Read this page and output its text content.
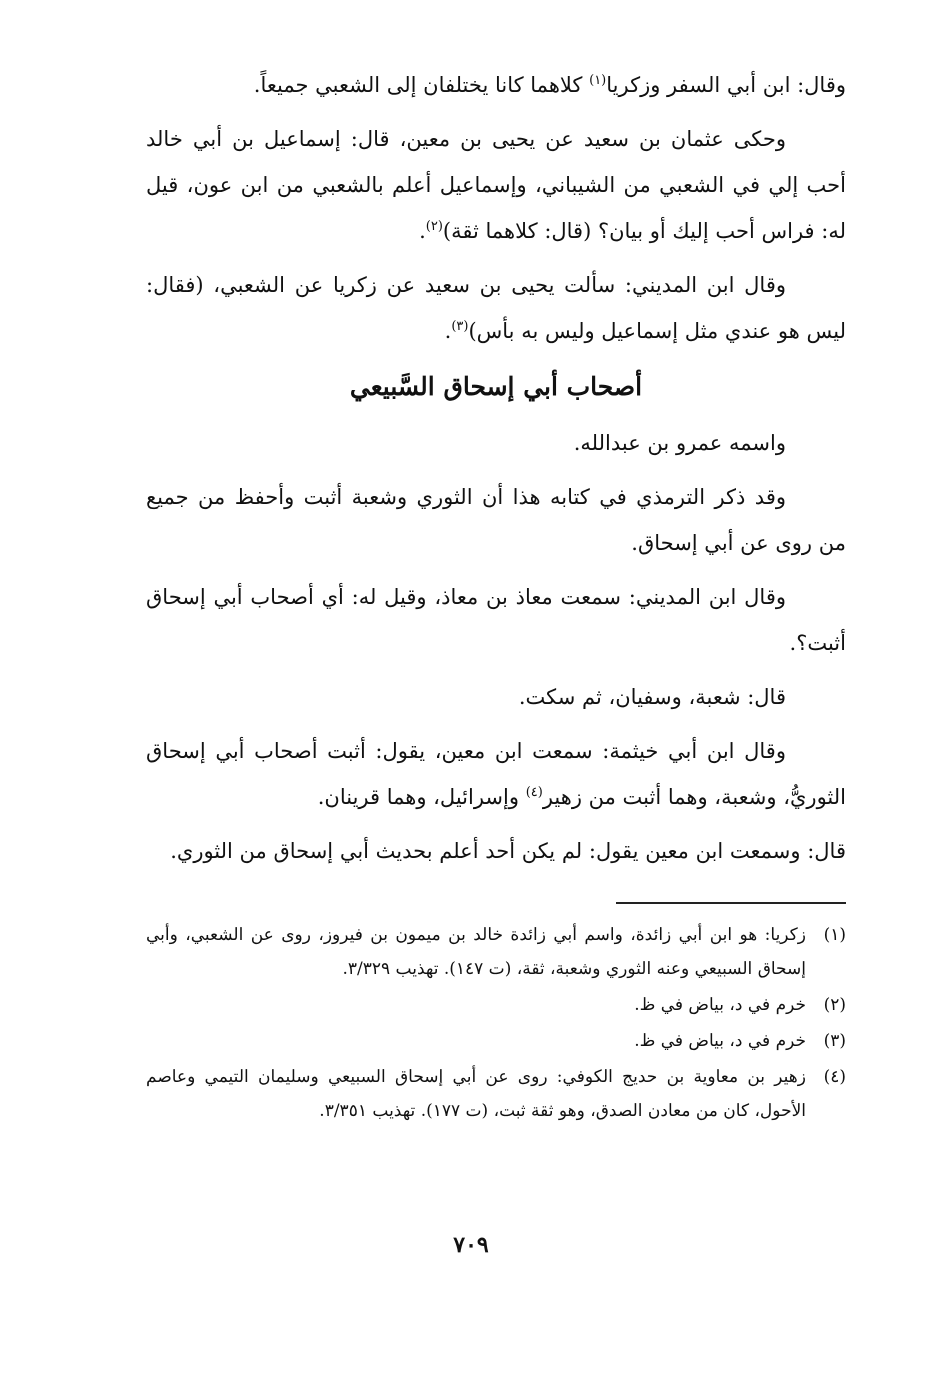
وقال: ابن أبي السفر وزكريا$^{(١)}$ كلاهما كانا يختلفان إلى الشعبي جميعاً.

وحكى عثمان بن سعيد عن يحيى بن معين، قال: إسماعيل بن أبي خالد أحب إلي في الشعبي من الشيباني، وإسماعيل أعلم بالشعبي من ابن عون، قيل له: فراس أحب إليك أو بيان؟ (قال: كلاهما ثقة)$^{(٢)}$.

وقال ابن المديني: سألت يحيى بن سعيد عن زكريا عن الشعبي، (فقال: ليس هو عندي مثل إسماعيل وليس به بأس)$^{(٣)}$.

أصحاب أبي إسحاق السَّبيعي

واسمه عمرو بن عبدالله.

وقد ذكر الترمذي في كتابه هذا أن الثوري وشعبة أثبت وأحفظ من جميع من روى عن أبي إسحاق.

وقال ابن المديني: سمعت معاذ بن معاذ، وقيل له: أي أصحاب أبي إسحاق أثبت؟.

قال: شعبة، وسفيان، ثم سكت.

وقال ابن أبي خيثمة: سمعت ابن معين، يقول: أثبت أصحاب أبي إسحاق الثوريُّ، وشعبة، وهما أثبت من زهير$^{(٤)}$ وإسرائيل، وهما قرينان.

قال: وسمعت ابن معين يقول: لم يكن أحد أعلم بحديث أبي إسحاق من الثوري.

(١)
زكريا: هو ابن أبي زائدة، واسم أبي زائدة خالد بن ميمون بن فيروز، روى عن الشعبي، وأبي إسحاق السبيعي وعنه الثوري وشعبة، ثقة، (ت ١٤٧). تهذيب ٣/٣٢٩.
(٢)
خرم في د، بياض في ظ.
(٣)
خرم في د، بياض في ظ.
(٤)
زهير بن معاوية بن حديج الكوفي: روى عن أبي إسحاق السبيعي وسليمان التيمي وعاصم الأحول، كان من معادن الصدق، وهو ثقة ثبت، (ت ١٧٧). تهذيب ٣/٣٥١.
٧٠٩
